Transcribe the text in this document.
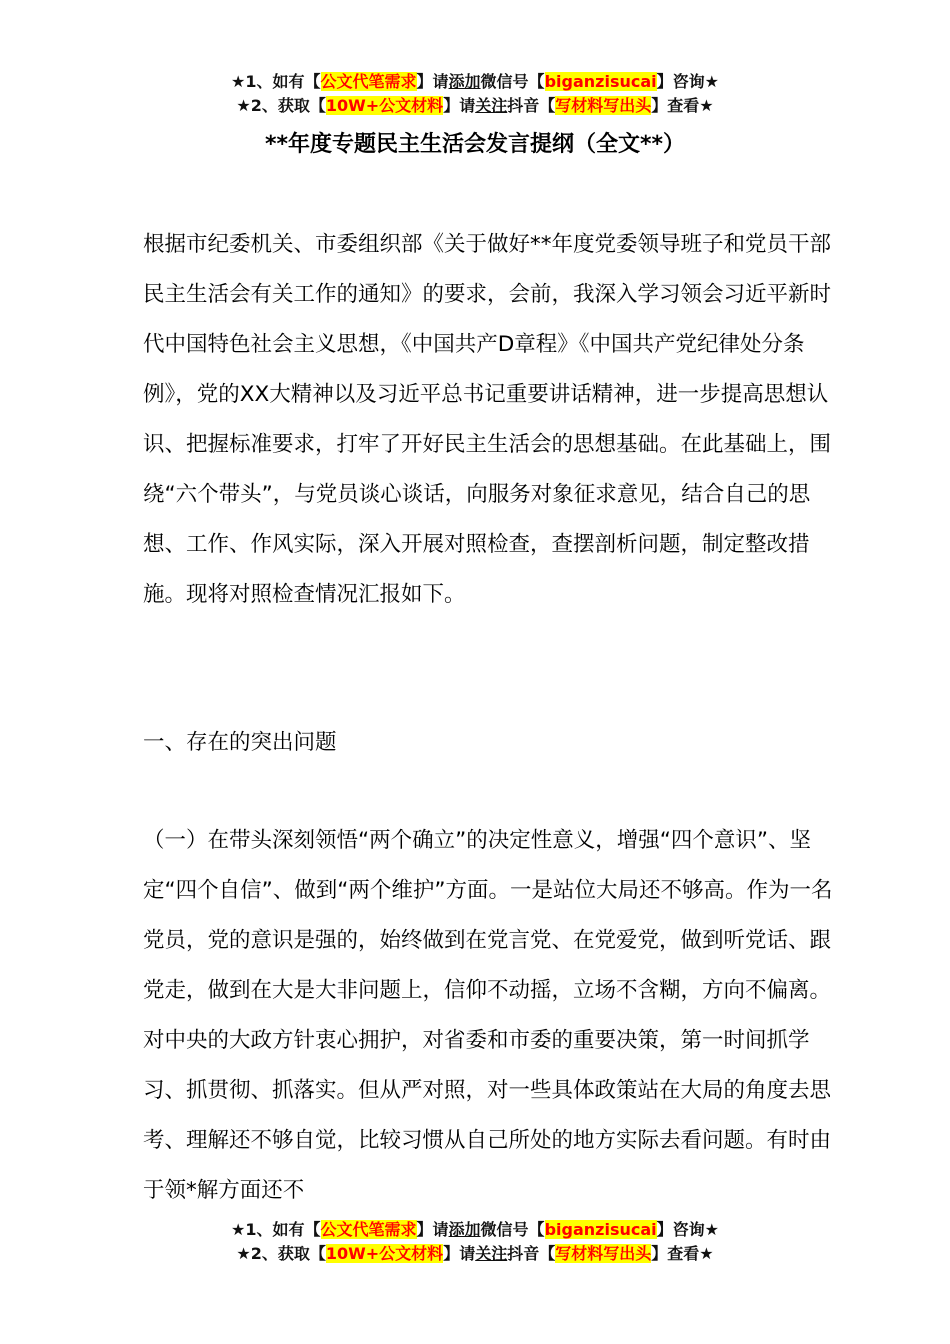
★1、如有【公文代笔需求】请添加微信号【biganzisucai】咨询★
★2、获取【10W+公文材料】请关注抖音【写材料写出头】查看★
**年度专题民主生活会发言提纲（全文**）

根据市纪委机关、市委组织部《关于做好**年度党委领导班子和党员干部民主生活会有关工作的通知》的要求，会前，我深入学习领会习近平新时代中国特色社会主义思想，《中国共产D章程》《中国共产党纪律处分条例》，党的XX大精神以及习近平总书记重要讲话精神，进一步提高思想认识、把握标准要求，打牢了开好民主生活会的思想基础。在此基础上，围绕“六个带头”，与党员谈心谈话，向服务对象征求意见，结合自己的思想、工作、作风实际，深入开展对照检查，查摆剖析问题，制定整改措施。现将对照检查情况汇报如下。

一、存在的突出问题

（一）在带头深刻领悟“两个确立”的决定性意义，增强“四个意识”、坚定“四个自信”、做到“两个维护”方面。一是站位大局还不够高。作为一名党员，党的意识是强的，始终做到在党言党、在党爱党，做到听党话、跟党走，做到在大是大非问题上，信仰不动摇，立场不含糊，方向不偏离。对中央的大政方针衷心拥护，对省委和市委的重要决策，第一时间抓学习、抓贯彻、抓落实。但从严对照，对一些具体政策站在大局的角度去思考、理解还不够自觉，比较习惯从自己所处的地方实际去看问题。有时由于领*解方面还不

★1、如有【公文代笔需求】请添加微信号【biganzisucai】咨询★
★2、获取【10W+公文材料】请关注抖音【写材料写出头】查看★
